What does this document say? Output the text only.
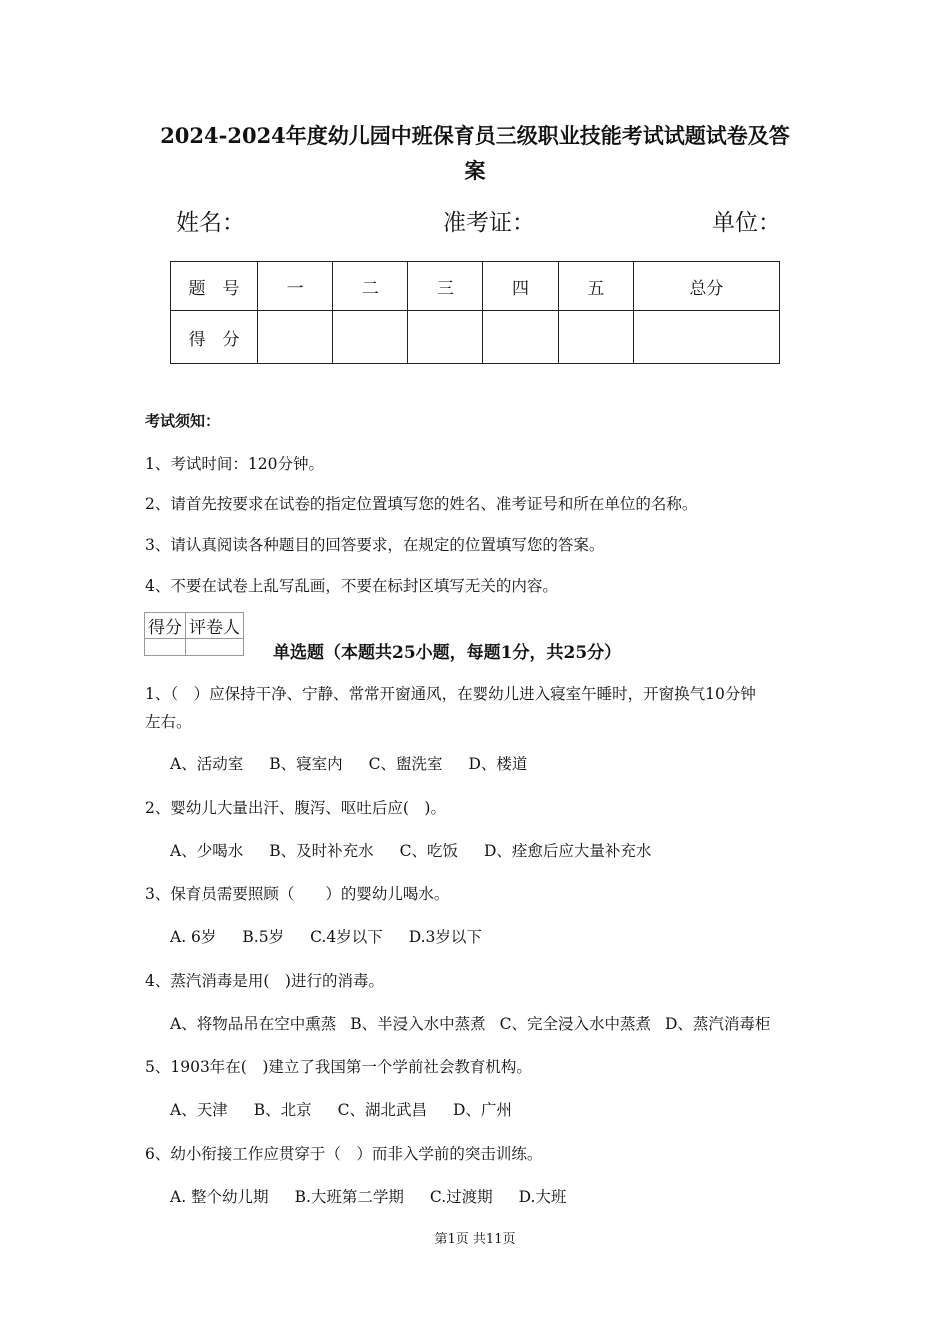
2024-2024年度幼儿园中班保育员三级职业技能考试试题试卷及答
案
姓名：	准考证：	单位：
题　号	一	二	三	四	五	总分
得　分						
考试须知：
1、考试时间：120分钟。
2、请首先按要求在试卷的指定位置填写您的姓名、准考证号和所在单位的名称。
3、请认真阅读各种题目的回答要求，在规定的位置填写您的答案。
4、不要在试卷上乱写乱画，不要在标封区填写无关的内容。
得分	评卷人

单选题（本题共25小题，每题1分，共25分）
1、（　）应保持干净、宁静、常常开窗通风，在婴幼儿进入寝室午睡时，开窗换气10分钟
左右。
A、活动室 B、寝室内 C、盥洗室 D、楼道
2、婴幼儿大量出汗、腹泻、呕吐后应(　)。
A、少喝水 B、及时补充水 C、吃饭 D、痊愈后应大量补充水
3、保育员需要照顾（　　）的婴幼儿喝水。
A. 6岁 B.5岁 C.4岁以下 D.3岁以下
4、蒸汽消毒是用(　)进行的消毒。
A、将物品吊在空中熏蒸 B、半浸入水中蒸煮 C、完全浸入水中蒸煮 D、蒸汽消毒柜
5、1903年在(　)建立了我国第一个学前社会教育机构。
A、天津 B、北京 C、湖北武昌 D、广州
6、幼小衔接工作应贯穿于（　）而非入学前的突击训练。
A. 整个幼儿期 B.大班第二学期 C.过渡期 D.大班
第1页 共11页
